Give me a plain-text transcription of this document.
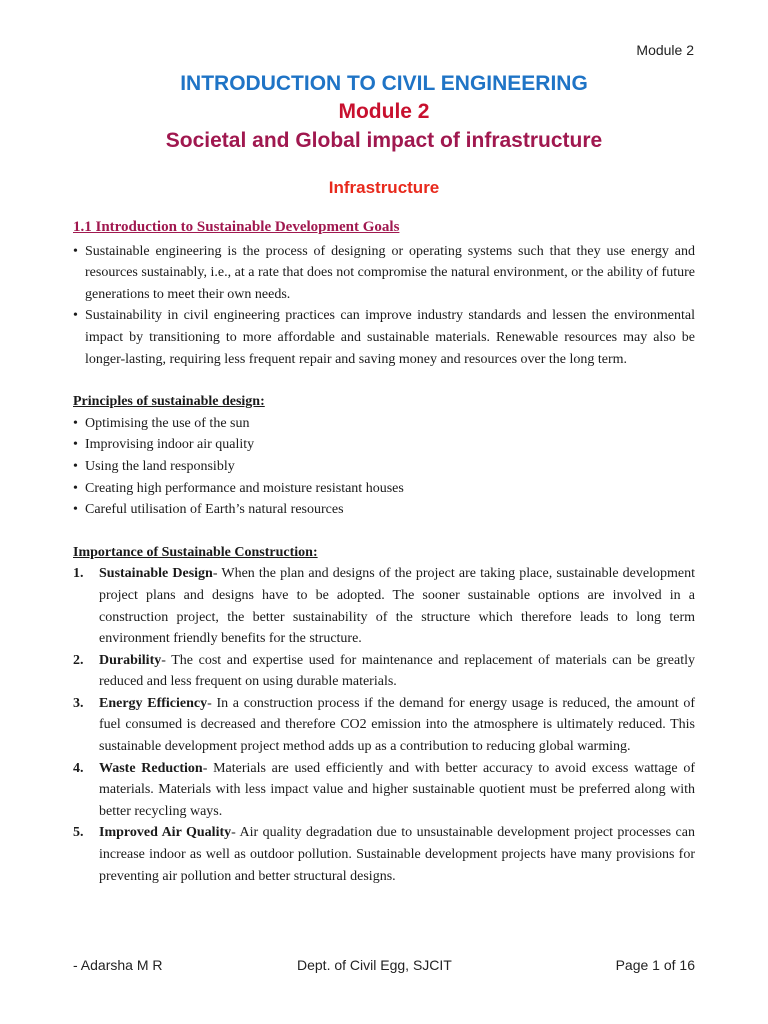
Module 2
INTRODUCTION TO CIVIL ENGINEERING
Module 2
Societal and Global impact of infrastructure
Infrastructure
1.1 Introduction to Sustainable Development Goals
• Sustainable engineering is the process of designing or operating systems such that they use energy and resources sustainably, i.e., at a rate that does not compromise the natural environment, or the ability of future generations to meet their own needs.
• Sustainability in civil engineering practices can improve industry standards and lessen the environmental impact by transitioning to more affordable and sustainable materials. Renewable resources may also be longer-lasting, requiring less frequent repair and saving money and resources over the long term.
Principles of sustainable design:
• Optimising the use of the sun
• Improvising indoor air quality
• Using the land responsibly
• Creating high performance and moisture resistant houses
• Careful utilisation of Earth’s natural resources
Importance of Sustainable Construction:
1. Sustainable Design- When the plan and designs of the project are taking place, sustainable development project plans and designs have to be adopted. The sooner sustainable options are involved in a construction project, the better sustainability of the structure which therefore leads to long term environment friendly benefits for the structure.
2. Durability- The cost and expertise used for maintenance and replacement of materials can be greatly reduced and less frequent on using durable materials.
3. Energy Efficiency- In a construction process if the demand for energy usage is reduced, the amount of fuel consumed is decreased and therefore CO2 emission into the atmosphere is ultimately reduced. This sustainable development project method adds up as a contribution to reducing global warming.
4. Waste Reduction- Materials are used efficiently and with better accuracy to avoid excess wattage of materials. Materials with less impact value and higher sustainable quotient must be preferred along with better recycling ways.
5. Improved Air Quality- Air quality degradation due to unsustainable development project processes can increase indoor as well as outdoor pollution. Sustainable development projects have many provisions for preventing air pollution and better structural designs.
- Adarsha M R	Dept. of Civil Egg, SJCIT	Page 1 of 16
